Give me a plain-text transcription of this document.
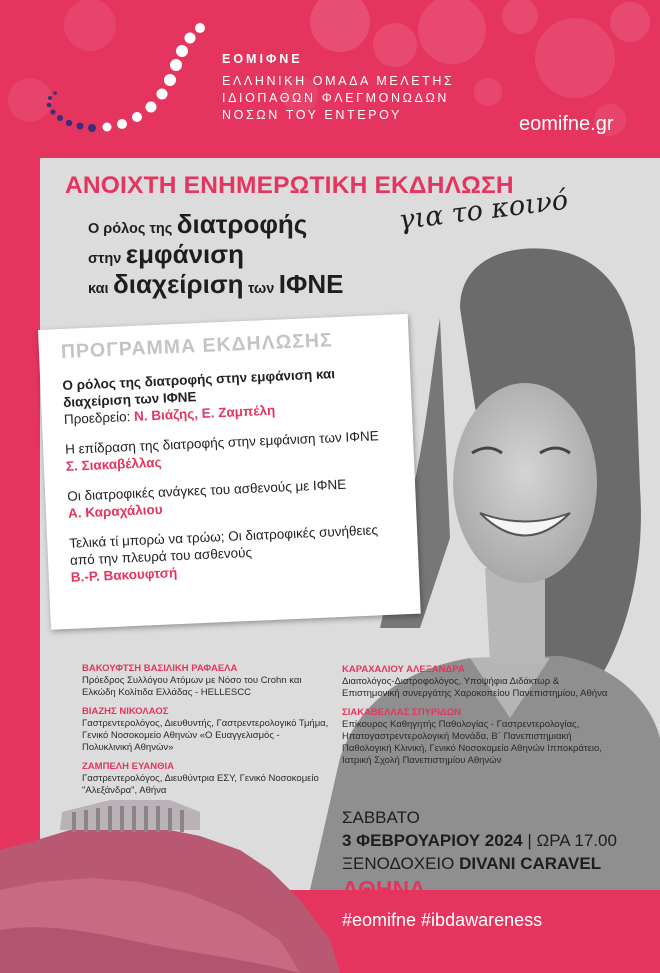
ΕΟΜΙΦΝΕ
ΕΛΛΗΝΙΚΗ ΟΜΑΔΑ ΜΕΛΕΤΗΣ
ΙΔΙΟΠΑΘΩΝ ΦΛΕΓΜΟΝΩΔΩΝ
ΝΟΣΩΝ ΤΟΥ ΕΝΤΕΡΟΥ	eomifne.gr
ΑΝΟΙΧΤΗ ΕΝΗΜΕΡΩΤΙΚΗ ΕΚΔΗΛΩΣΗ
για το κοινό
Ο ρόλος της διατροφής
στην εμφάνιση
και διαχείριση των ΙΦΝΕ
ΠΡΟΓΡΑΜΜΑ ΕΚΔΗΛΩΣΗΣ
Ο ρόλος της διατροφής στην εμφάνιση και διαχείριση των ΙΦΝΕ
Προεδρείο: Ν. Βιάζης, Ε. Ζαμπέλη
Η επίδραση της διατροφής στην εμφάνιση των ΙΦΝΕ
Σ. Σιακαβέλλας
Οι διατροφικές ανάγκες του ασθενούς με ΙΦΝΕ
Α. Καραχάλιου
Τελικά τί μπορώ να τρώω; Οι διατροφικές συνήθειες από την πλευρά του ασθενούς
Β.-Ρ. Βακουφτσή
ΒΑΚΟΥΦΤΣΗ ΒΑΣΙΛΙΚΗ ΡΑΦΑΕΛΑ
Πρόεδρος Συλλόγου Ατόμων με Νόσο του Crohn και Ελκώδη Κολίτιδα Ελλάδας - HELLESCC
ΒΙΑΖΗΣ ΝΙΚΟΛΑΟΣ
Γαστρεντερολόγος, Διευθυντής, Γαστρεντερολογικό Τμήμα, Γενικό Νοσοκομείο Αθηνών «Ο Ευαγγελισμός - Πολυκλινική Αθηνών»
ΖΑΜΠΕΛΗ ΕΥΑΝΘΙΑ
Γαστρεντερολόγος, Διευθύντρια ΕΣΥ, Γενικό Νοσοκομείο "Αλεξάνδρα", Αθήνα
ΚΑΡΑΧΑΛΙΟΥ ΑΛΕΞΑΝΔΡΑ
Διαιτολόγος-Διατροφολόγος, Υποψήφια Διδάκτωρ & Επιστημονική συνεργάτης Χαροκοπείου Πανεπιστημίου, Αθήνα
ΣΙΑΚΑΒΕΛΛΑΣ ΣΠΥΡΙΔΩΝ
Επίκουρος Καθηγητής Παθολογίας - Γαστρεντερολογίας, Ηπατογαστρεντερολογική Μονάδα, Β΄ Πανεπιστημιακή Παθολογική Κλινική, Γενικό Νοσοκομείο Αθηνών Ιπποκράτειο, Ιατρική Σχολή Πανεπιστημίου Αθηνών
ΣΑΒΒΑΤΟ
3 ΦΕΒΡΟΥΑΡΙΟΥ 2024 | ΩΡΑ 17.00
ΞΕΝΟΔΟΧΕΙΟ DIVANI CARAVEL
ΑΘΗΝΑ
#eomifne #ibdawareness
